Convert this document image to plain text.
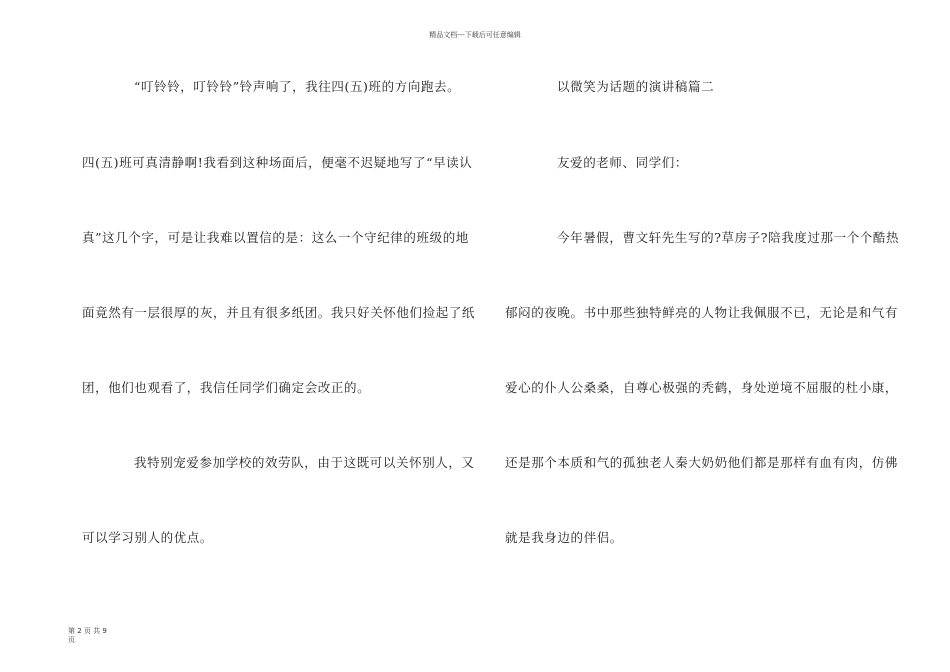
精品文档---下载后可任意编辑
“叮铃铃，叮铃铃”铃声响了，我往四(五)班的方向跑去。
四(五)班可真清静啊!我看到这种场面后，便毫不迟疑地写了“早读认
真”这几个字，可是让我难以置信的是：这么一个守纪律的班级的地
面竟然有一层很厚的灰，并且有很多纸团。我只好关怀他们捡起了纸
团，他们也观看了，我信任同学们确定会改正的。
我特别宠爱参加学校的效劳队，由于这既可以关怀别人，又
可以学习别人的优点。
以微笑为话题的演讲稿篇二
友爱的老师、同学们：
今年暑假，曹文轩先生写的?草房子?陪我度过那一个个酷热
郁闷的夜晚。书中那些独特鲜亮的人物让我佩服不已，无论是和气有
爱心的仆人公桑桑，自尊心极强的秃鹤，身处逆境不屈服的杜小康，
还是那个本质和气的孤独老人秦大奶奶他们都是那样有血有肉，仿佛
就是我身边的伴侣。
第 2 页 共 9
页
